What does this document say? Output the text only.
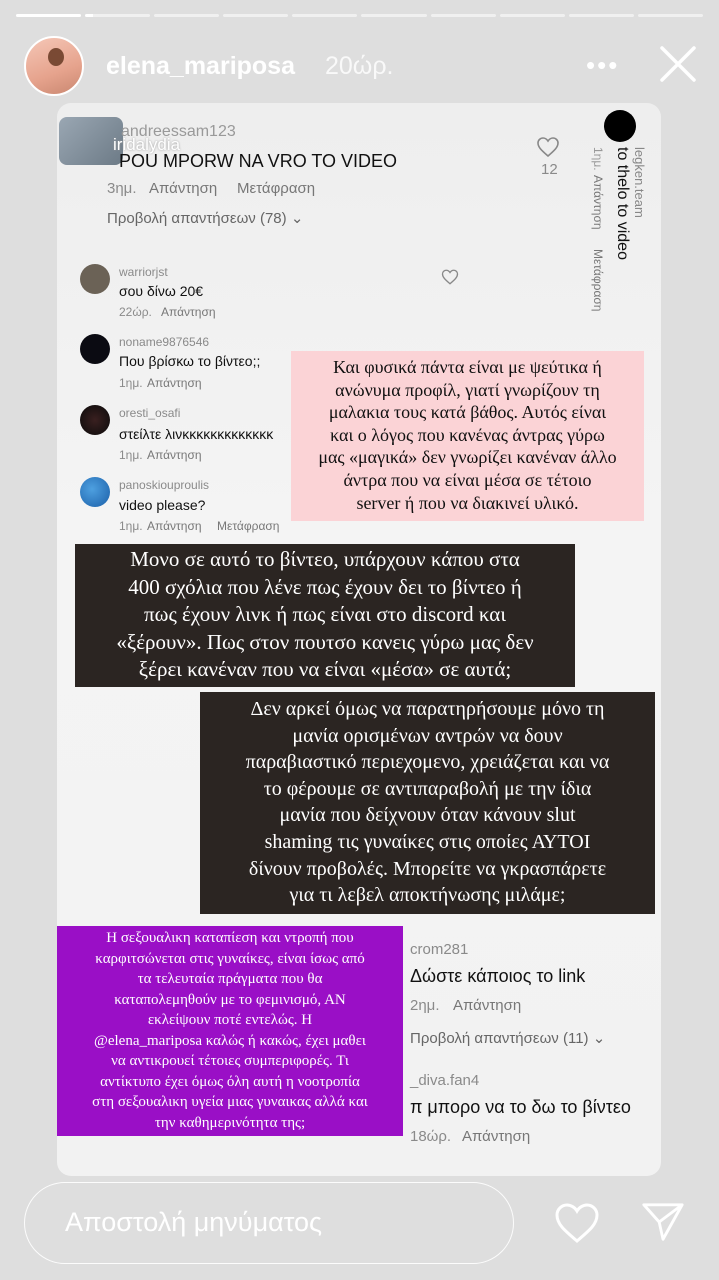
elena_mariposa 20ώρ.	•••
andreessam123
iridalydia
POU MPORW NA VRO TO VIDEO
3ημ. Απάντηση Μετάφραση
Προβολή απαντήσεων (78) ⌄
12	legken.team
to thelo to video
1ημ.
Απάντηση
Μετάφραση
warriorjst
σου δίνω 20€
22ώρ. Απάντηση
noname9876546
Που βρίσκω το βίντεο;;
1ημ. Απάντηση
oresti_osafi
στείλτε λινκκκκκκκκκκκκκ
1ημ. Απάντηση
panoskiouproulis
video please?
1ημ. Απάντηση Μετάφραση
crom281
Δώστε κάποιος το link
2ημ. Απάντηση
Προβολή απαντήσεων (11) ⌄
_diva.fan4
π μπορο να το δω το βίντεο
18ώρ. Απάντηση
Και φυσικά πάντα είναι με ψεύτικα ή
ανώνυμα προφίλ, γιατί γνωρίζουν τη
μαλακια τους κατά βάθος. Αυτός είναι
και ο λόγος που κανένας άντρας γύρω
μας «μαγικά» δεν γνωρίζει κανέναν άλλο
άντρα που να είναι μέσα σε τέτοιο
server ή που να διακινεί υλικό.
Μονο σε αυτό το βίντεο, υπάρχουν κάπου στα
400 σχόλια που λένε πως έχουν δει το βίντεο ή
πως έχουν λινκ ή πως είναι στο discord και
«ξέρουν». Πως στον πουτσο κανεις γύρω μας δεν
ξέρει κανέναν που να είναι «μέσα» σε αυτά;
Δεν αρκεί όμως να παρατηρήσουμε μόνο τη
μανία ορισμένων αντρών να δουν
παραβιαστικό περιεχομενο, χρειάζεται και να
το φέρουμε σε αντιπαραβολή με την ίδια
μανία που δείχνουν όταν κάνουν slut
shaming τις γυναίκες στις οποίες ΑΥΤΟΙ
δίνουν προβολές. Μπορείτε να γκρασπάρετε
για τι λεβελ αποκτήνωσης μιλάμε;
Η σεξουαλικη καταπίεση και ντροπή που
καρφιτσώνεται στις γυναίκες, είναι ίσως από
τα τελευταία πράγματα που θα
καταπολεμηθούν με το φεμινισμό, ΑΝ
εκλείψουν ποτέ εντελώς. Η
@elena_mariposa καλώς ή κακώς, έχει μαθει
να αντικρουεί τέτοιες συμπεριφορές. Τι
αντίκτυπο έχει όμως όλη αυτή η νοοτροπία
στη σεξουαλικη υγεία μιας γυναικας αλλά και
την καθημερινότητα της;
Αποστολή μηνύματος
